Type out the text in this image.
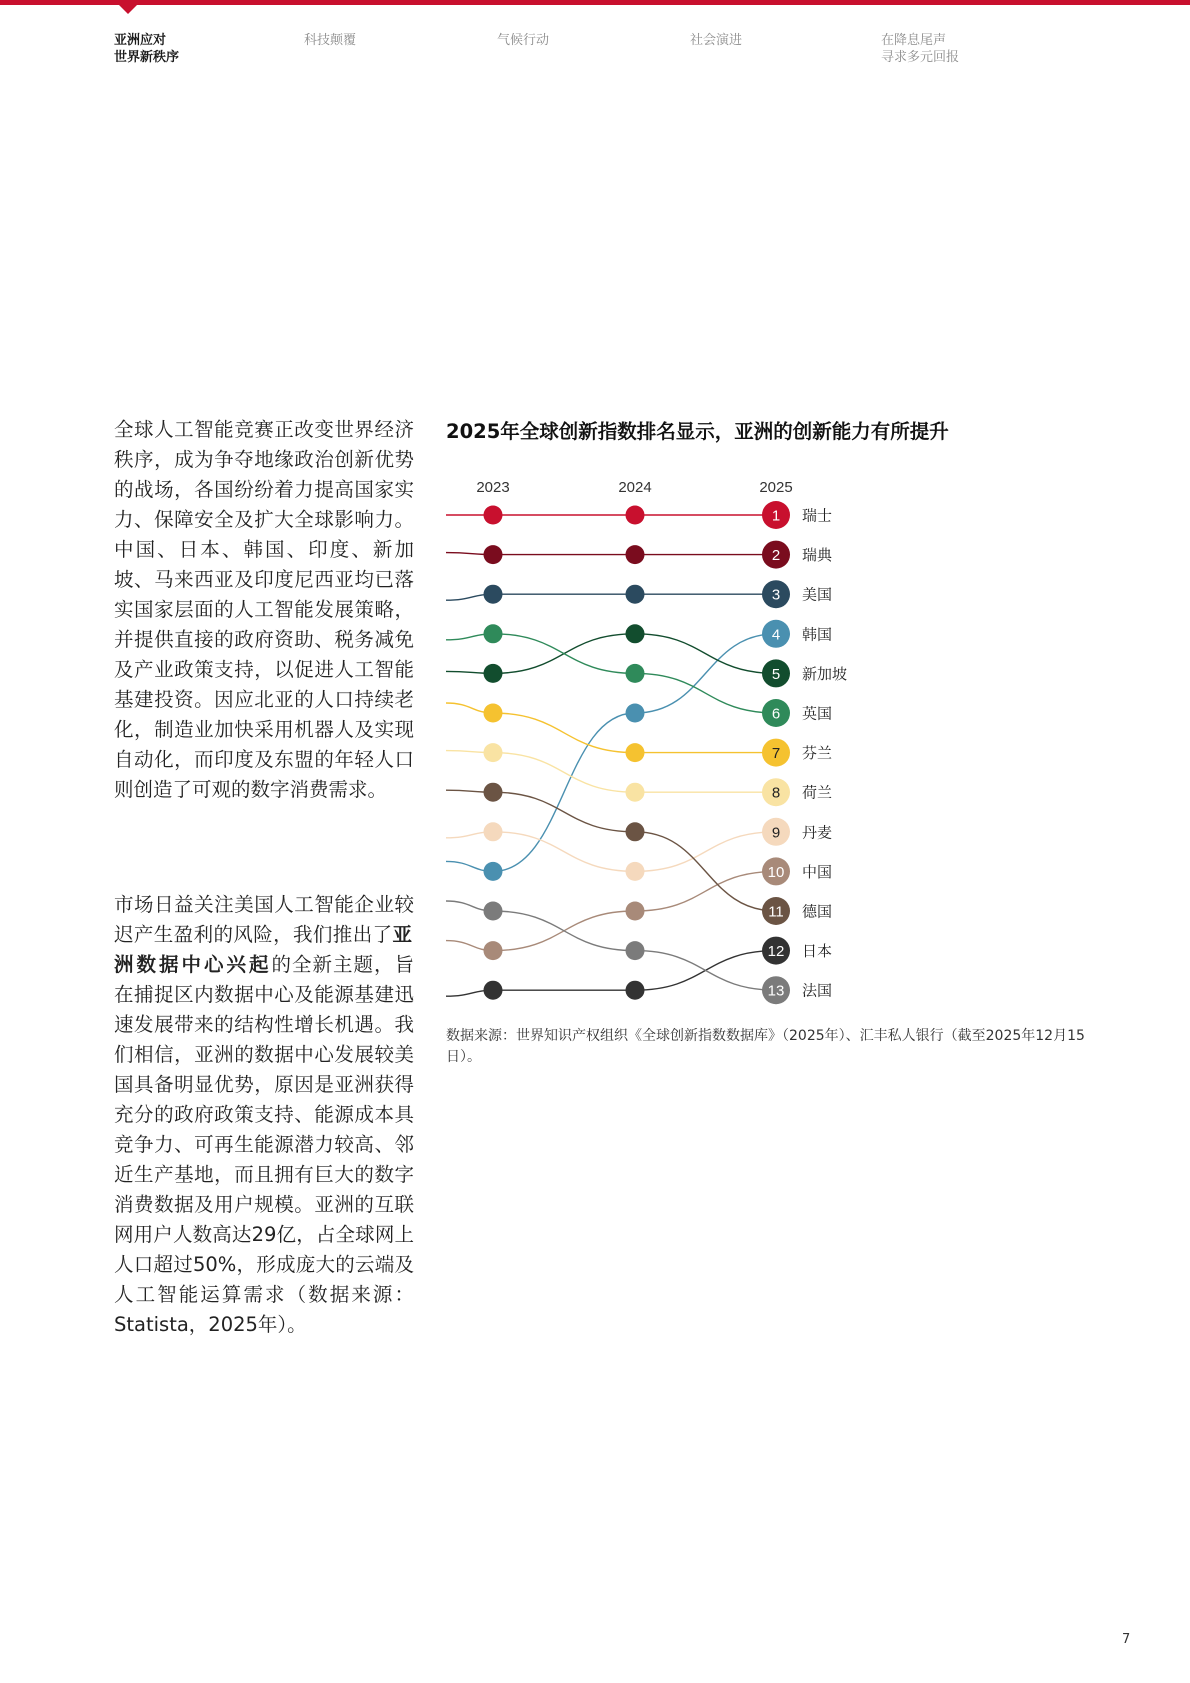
亚洲应对
世界新秩序
科技颠覆	气候行动	社会演进	在降息尾声
寻求多元回报

全球人工智能竞赛正改变世界经济秩序，成为争夺地缘政治创新优势的战场，各国纷纷着力提高国家实力、保障安全及扩大全球影响力。中国、日本、韩国、印度、新加坡、马来西亚及印度尼西亚均已落实国家层面的人工智能发展策略，并提供直接的政府资助、税务减免及产业政策支持，以促进人工智能基建投资。因应北亚的人口持续老化，制造业加快采用机器人及实现自动化，而印度及东盟的年轻人口则创造了可观的数字消费需求。

市场日益关注美国人工智能企业较迟产生盈利的风险，我们推出了亚洲数据中心兴起的全新主题，旨在捕捉区内数据中心及能源基建迅速发展带来的结构性增长机遇。我们相信，亚洲的数据中心发展较美国具备明显优势，原因是亚洲获得充分的政府政策支持、能源成本具竞争力、可再生能源潜力较高、邻近生产基地，而且拥有巨大的数字消费数据及用户规模。亚洲的互联网用户人数高达29亿，占全球网上人口超过50%，形成庞大的云端及人工智能运算需求（数据来源：Statista，2025年）。

2025年全球创新指数排名显示，亚洲的创新能力有所提升
2023	2024	2025
1 瑞士
2 瑞典
3 美国
4 韩国
5 新加坡
6 英国
7 芬兰
8 荷兰
9 丹麦
10 中国
11 德国
12 日本
13 法国

数据来源：世界知识产权组织《全球创新指数数据库》（2025年）、汇丰私人银行（截至2025年12月15日）。

7
